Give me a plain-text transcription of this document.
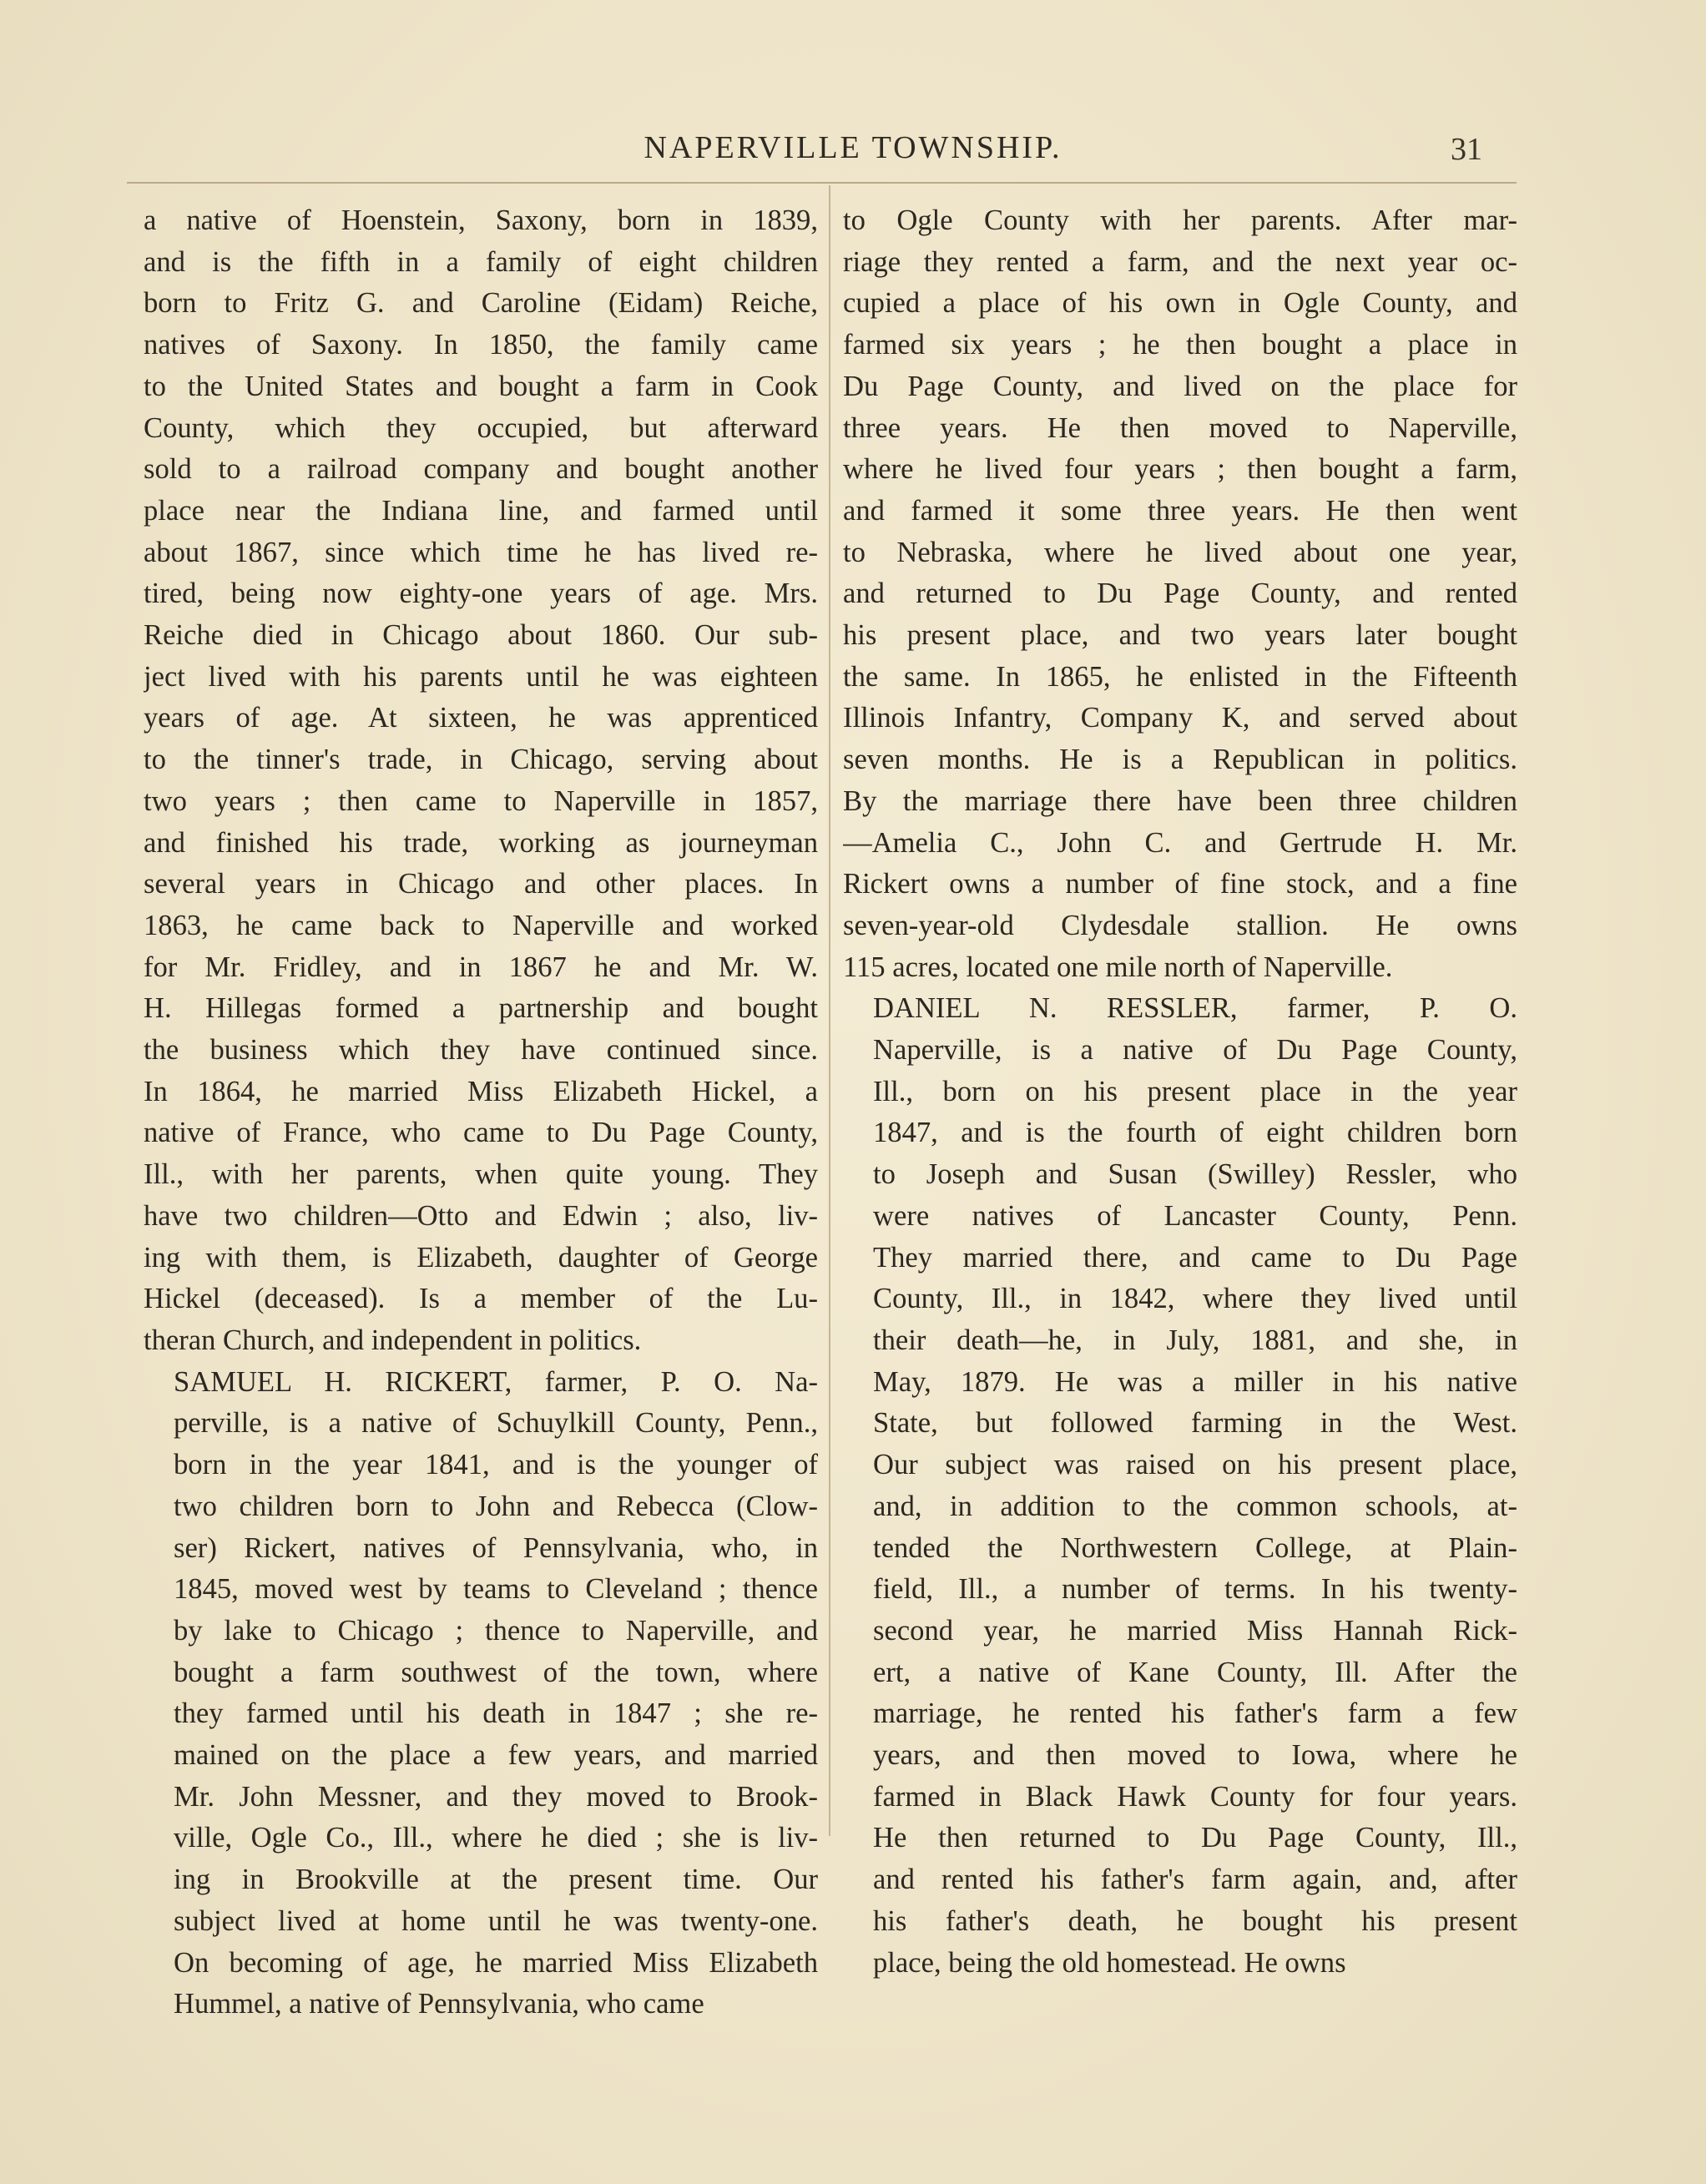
NAPERVILLE TOWNSHIP.	31

a native of Hoenstein, Saxony, born in 1839,
and is the fifth in a family of eight children
born to Fritz G. and Caroline (Eidam) Reiche,
natives of Saxony. In 1850, the family came
to the United States and bought a farm in Cook
County, which they occupied, but afterward
sold to a railroad company and bought another
place near the Indiana line, and farmed until
about 1867, since which time he has lived re-
tired, being now eighty-one years of age. Mrs.
Reiche died in Chicago about 1860. Our sub-
ject lived with his parents until he was eighteen
years of age. At sixteen, he was apprenticed
to the tinner's trade, in Chicago, serving about
two years ; then came to Naperville in 1857,
and finished his trade, working as journeyman
several years in Chicago and other places. In
1863, he came back to Naperville and worked
for Mr. Fridley, and in 1867 he and Mr. W.
H. Hillegas formed a partnership and bought
the business which they have continued since.
In 1864, he married Miss Elizabeth Hickel, a
native of France, who came to Du Page County,
Ill., with her parents, when quite young. They
have two children—Otto and Edwin ; also, liv-
ing with them, is Elizabeth, daughter of George
Hickel (deceased). Is a member of the Lu-
theran Church, and independent in politics.

SAMUEL H. RICKERT, farmer, P. O. Na-
perville, is a native of Schuylkill County, Penn.,
born in the year 1841, and is the younger of
two children born to John and Rebecca (Clow-
ser) Rickert, natives of Pennsylvania, who, in
1845, moved west by teams to Cleveland ; thence
by lake to Chicago ; thence to Naperville, and
bought a farm southwest of the town, where
they farmed until his death in 1847 ; she re-
mained on the place a few years, and married
Mr. John Messner, and they moved to Brook-
ville, Ogle Co., Ill., where he died ; she is liv-
ing in Brookville at the present time. Our
subject lived at home until he was twenty-one.
On becoming of age, he married Miss Elizabeth
Hummel, a native of Pennsylvania, who came

to Ogle County with her parents. After mar-
riage they rented a farm, and the next year oc-
cupied a place of his own in Ogle County, and
farmed six years ; he then bought a place in
Du Page County, and lived on the place for
three years. He then moved to Naperville,
where he lived four years ; then bought a farm,
and farmed it some three years. He then went
to Nebraska, where he lived about one year,
and returned to Du Page County, and rented
his present place, and two years later bought
the same. In 1865, he enlisted in the Fifteenth
Illinois Infantry, Company K, and served about
seven months. He is a Republican in politics.
By the marriage there have been three children
—Amelia C., John C. and Gertrude H. Mr.
Rickert owns a number of fine stock, and a fine
seven-year-old Clydesdale stallion. He owns
115 acres, located one mile north of Naperville.

DANIEL N. RESSLER, farmer, P. O.
Naperville, is a native of Du Page County,
Ill., born on his present place in the year
1847, and is the fourth of eight children born
to Joseph and Susan (Swilley) Ressler, who
were natives of Lancaster County, Penn.
They married there, and came to Du Page
County, Ill., in 1842, where they lived until
their death—he, in July, 1881, and she, in
May, 1879. He was a miller in his native
State, but followed farming in the West.
Our subject was raised on his present place,
and, in addition to the common schools, at-
tended the Northwestern College, at Plain-
field, Ill., a number of terms. In his twenty-
second year, he married Miss Hannah Rick-
ert, a native of Kane County, Ill. After the
marriage, he rented his father's farm a few
years, and then moved to Iowa, where he
farmed in Black Hawk County for four years.
He then returned to Du Page County, Ill.,
and rented his father's farm again, and, after
his father's death, he bought his present
place, being the old homestead. He owns
